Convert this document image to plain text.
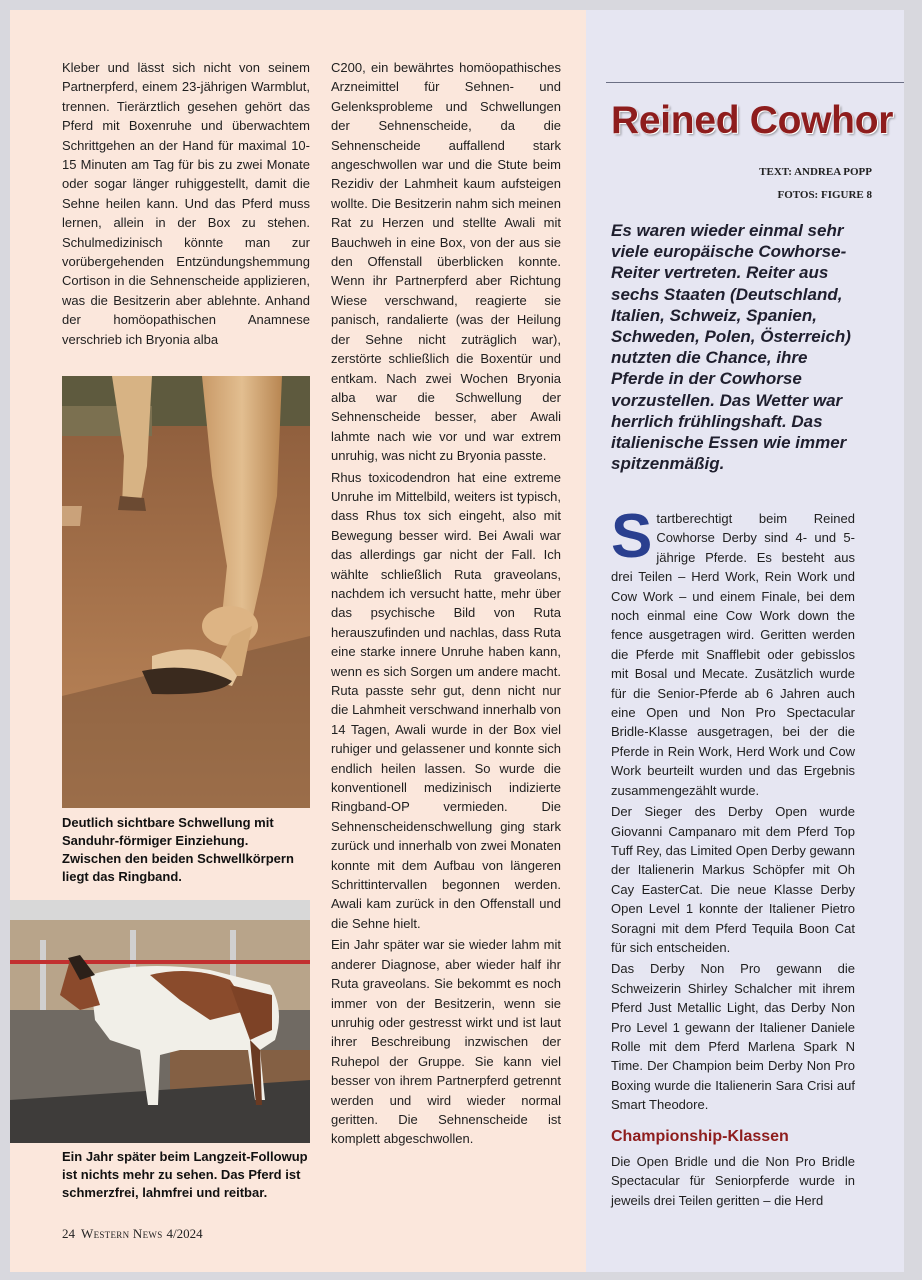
Kleber und lässt sich nicht von seinem Partnerpferd, einem 23-jährigen Warmblut, trennen. Tierärztlich gesehen gehört das Pferd mit Boxenruhe und überwachtem Schrittgehen an der Hand für maximal 10-15 Minuten am Tag für bis zu zwei Monate oder sogar länger ruhiggestellt, damit die Sehne heilen kann. Und das Pferd muss lernen, allein in der Box zu stehen. Schulmedizinisch könnte man zur vorübergehenden Entzündungshemmung Cortison in die Sehnenscheide applizieren, was die Besitzerin aber ablehnte. Anhand der homöopathischen Anamnese verschrieb ich Bryonia alba

Deutlich sichtbare Schwellung mit Sanduhr-förmiger Einziehung. Zwischen den beiden Schwellkörpern liegt das Ringband.
Ein Jahr später beim Langzeit-Followup ist nichts mehr zu sehen. Das Pferd ist schmerzfrei, lahmfrei und reitbar.

C200, ein bewährtes homöopathisches Arzneimittel für Sehnen- und Gelenksprobleme und Schwellungen der Sehnenscheide, da die Sehnenscheide auffallend stark angeschwollen war und die Stute beim Rezidiv der Lahmheit kaum aufsteigen wollte. Die Besitzerin nahm sich meinen Rat zu Herzen und stellte Awali mit Bauchweh in eine Box, von der aus sie den Offenstall überblicken konnte. Wenn ihr Partnerpferd aber Richtung Wiese verschwand, reagierte sie panisch, randalierte (was der Heilung der Sehne nicht zuträglich war), zerstörte schließlich die Boxentür und entkam. Nach zwei Wochen Bryonia alba war die Schwellung der Sehnenscheide besser, aber Awali lahmte nach wie vor und war extrem unruhig, was nicht zu Bryonia passte.

Rhus toxicodendron hat eine extreme Unruhe im Mittelbild, weiters ist typisch, dass Rhus tox sich eingeht, also mit Bewegung besser wird. Bei Awali war das allerdings gar nicht der Fall. Ich wählte schließlich Ruta graveolans, nachdem ich versucht hatte, mehr über das psychische Bild von Ruta herauszufinden und nachlas, dass Ruta eine starke innere Unruhe haben kann, wenn es sich Sorgen um andere macht. Ruta passte sehr gut, denn nicht nur die Lahmheit verschwand innerhalb von 14 Tagen, Awali wurde in der Box viel ruhiger und gelassener und konnte sich endlich heilen lassen. So wurde die konventionell medizinisch indizierte Ringband-OP vermieden. Die Sehnenscheidenschwellung ging stark zurück und innerhalb von zwei Monaten konnte mit dem Aufbau von längeren Schrittintervallen begonnen werden. Awali kam zurück in den Offenstall und die Sehne hielt.

Ein Jahr später war sie wieder lahm mit anderer Diagnose, aber wieder half ihr Ruta graveolans. Sie bekommt es noch immer von der Besitzerin, wenn sie unruhig oder gestresst wirkt und ist laut ihrer Beschreibung inzwischen der Ruhepol der Gruppe. Sie kann viel besser von ihrem Partnerpferd getrennt werden und wird wieder normal geritten. Die Sehnenscheide ist komplett abgeschwollen.

24 Western News 4/2024
Reined Cowhor
TEXT: ANDREA POPP
FOTOS: FIGURE 8
Es waren wieder einmal sehr viele europäische Cowhorse-Reiter vertreten. Reiter aus sechs Staaten (Deutschland, Italien, Schweiz, Spanien, Schweden, Polen, Österreich) nutzten die Chance, ihre Pferde in der Cowhorse vorzustellen. Das Wetter war herrlich frühlingshaft. Das italienische Essen wie immer spitzenmäßig.

Startberechtigt beim Reined Cowhorse Derby sind 4- und 5-jährige Pferde. Es besteht aus drei Teilen – Herd Work, Rein Work und Cow Work – und einem Finale, bei dem noch einmal eine Cow Work down the fence ausgetragen wird. Geritten werden die Pferde mit Snafflebit oder gebisslos mit Bosal und Mecate. Zusätzlich wurde für die Senior-Pferde ab 6 Jahren auch eine Open und Non Pro Spectacular Bridle-Klasse ausgetragen, bei der die Pferde in Rein Work, Herd Work und Cow Work beurteilt wurden und das Ergebnis zusammengezählt wurde.

Der Sieger des Derby Open wurde Giovanni Campanaro mit dem Pferd Top Tuff Rey, das Limited Open Derby gewann der Italienerin Markus Schöpfer mit Oh Cay EasterCat. Die neue Klasse Derby Open Level 1 konnte der Italiener Pietro Soragni mit dem Pferd Tequila Boon Cat für sich entscheiden.

Das Derby Non Pro gewann die Schweizerin Shirley Schalcher mit ihrem Pferd Just Metallic Light, das Derby Non Pro Level 1 gewann der Italiener Daniele Rolle mit dem Pferd Marlena Spark N Time. Der Champion beim Derby Non Pro Boxing wurde die Italienerin Sara Crisi auf Smart Theodore.

Championship-Klassen

Die Open Bridle und die Non Pro Bridle Spectacular für Seniorpferde wurde in jeweils drei Teilen geritten – die Herd
